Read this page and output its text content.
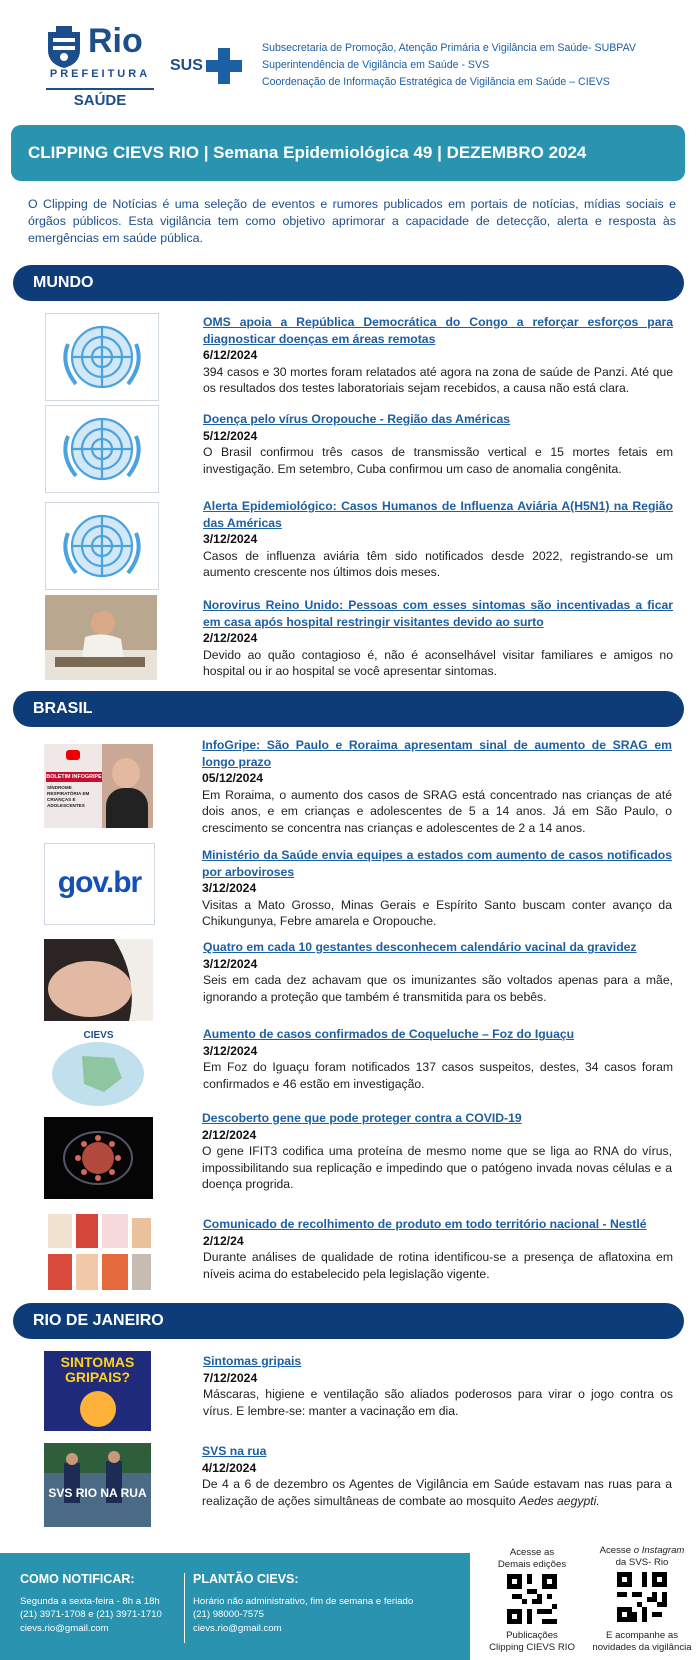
Rio
PREFEITURA
SAÚDE
SUS
Subsecretaria de Promoção, Atenção Primária e Vigilância em Saúde- SUBPAV
Superintendência de Vigilância em Saúde - SVS
Coordenação de Informação Estratégica de Vigilância em Saúde – CIEVS
CLIPPING CIEVS RIO | Semana Epidemiológica 49 | DEZEMBRO 2024
O Clipping de Notícias é uma seleção de eventos e rumores publicados em portais de notícias, mídias sociais e órgãos públicos. Esta vigilância tem como objetivo aprimorar a capacidade de detecção, alerta e resposta às emergências em saúde pública.
MUNDO
OMS apoia a República Democrática do Congo a reforçar esforços para diagnosticar doenças em áreas remotas
6/12/2024
394 casos e 30 mortes foram relatados até agora na zona de saúde de Panzi. Até que os resultados dos testes laboratoriais sejam recebidos, a causa não está clara.
Doença pelo vírus Oropouche - Região das Américas
5/12/2024
O Brasil confirmou três casos de transmissão vertical e 15 mortes fetais em investigação. Em setembro, Cuba confirmou um caso de anomalia congênita.
Alerta Epidemiológico: Casos Humanos de Influenza Aviária A(H5N1) na Região das Américas
3/12/2024
Casos de influenza aviária têm sido notificados desde 2022, registrando-se um aumento crescente nos últimos dois meses.
Norovirus Reino Unido: Pessoas com esses sintomas são incentivadas a ficar em casa após hospital restringir visitantes devido ao surto
2/12/2024
Devido ao quão contagioso é, não é aconselhável visitar familiares e amigos no hospital ou ir ao hospital se você apresentar sintomas.
BRASIL
BOLETIM INFOGRIPE
SÍNDROME RESPIRATÓRIA EM CRIANÇAS E ADOLESCENTES
gov.br
CIEVS
InfoGripe: São Paulo e Roraima apresentam sinal de aumento de SRAG em longo prazo
05/12/2024
Em Roraima, o aumento dos casos de SRAG está concentrado nas crianças de até dois anos, e em crianças e adolescentes de 5 a 14 anos. Já em São Paulo, o crescimento se concentra nas crianças e adolescentes de 2 a 14 anos.
Ministério da Saúde envia equipes a estados com aumento de casos notificados por arboviroses
3/12/2024
Visitas a Mato Grosso, Minas Gerais e Espírito Santo buscam conter avanço da Chikungunya, Febre amarela e Oropouche.
Quatro em cada 10 gestantes desconhecem calendário vacinal da gravidez
3/12/2024
Seis em cada dez achavam que os imunizantes são voltados apenas para a mãe, ignorando a proteção que também é transmitida para os bebês.
Aumento de casos confirmados de Coqueluche – Foz do Iguaçu
3/12/2024
Em Foz do Iguaçu foram notificados 137 casos suspeitos, destes, 34 casos foram confirmados e 46 estão em investigação.
Descoberto gene que pode proteger contra a COVID-19
2/12/2024
O gene IFIT3 codifica uma proteína de mesmo nome que se liga ao RNA do vírus, impossibilitando sua replicação e impedindo que o patógeno invada novas células e a doença progrida.
Comunicado de recolhimento de produto em todo território nacional - Nestlé
2/12/24
Durante análises de qualidade de rotina identificou-se a presença de aflatoxina em níveis acima do estabelecido pela legislação vigente.
RIO DE JANEIRO
SINTOMAS GRIPAIS?
SVS RIO NA RUA
Sintomas gripais
7/12/2024
Máscaras, higiene e ventilação são aliados poderosos para virar o jogo contra os vírus. E lembre-se: manter a vacinação em dia.
SVS na rua
4/12/2024
De 4 a 6 de dezembro os Agentes de Vigilância em Saúde estavam nas ruas para a realização de ações simultâneas de combate ao mosquito Aedes aegypti.
COMO NOTIFICAR:
Segunda a sexta-feira - 8h a 18h
(21) 3971-1708 e (21) 3971-1710
cievs.rio@gmail.com
PLANTÃO CIEVS:
Horário não administrativo, fim de semana e feriado
(21) 98000-7575
cievs.rio@gmail.com
Acesse as
Demais edições
Publicações
Clipping CIEVS RIO
Acesse o Instagram
da SVS- Rio
E acompanhe as
novidades da vigilância
